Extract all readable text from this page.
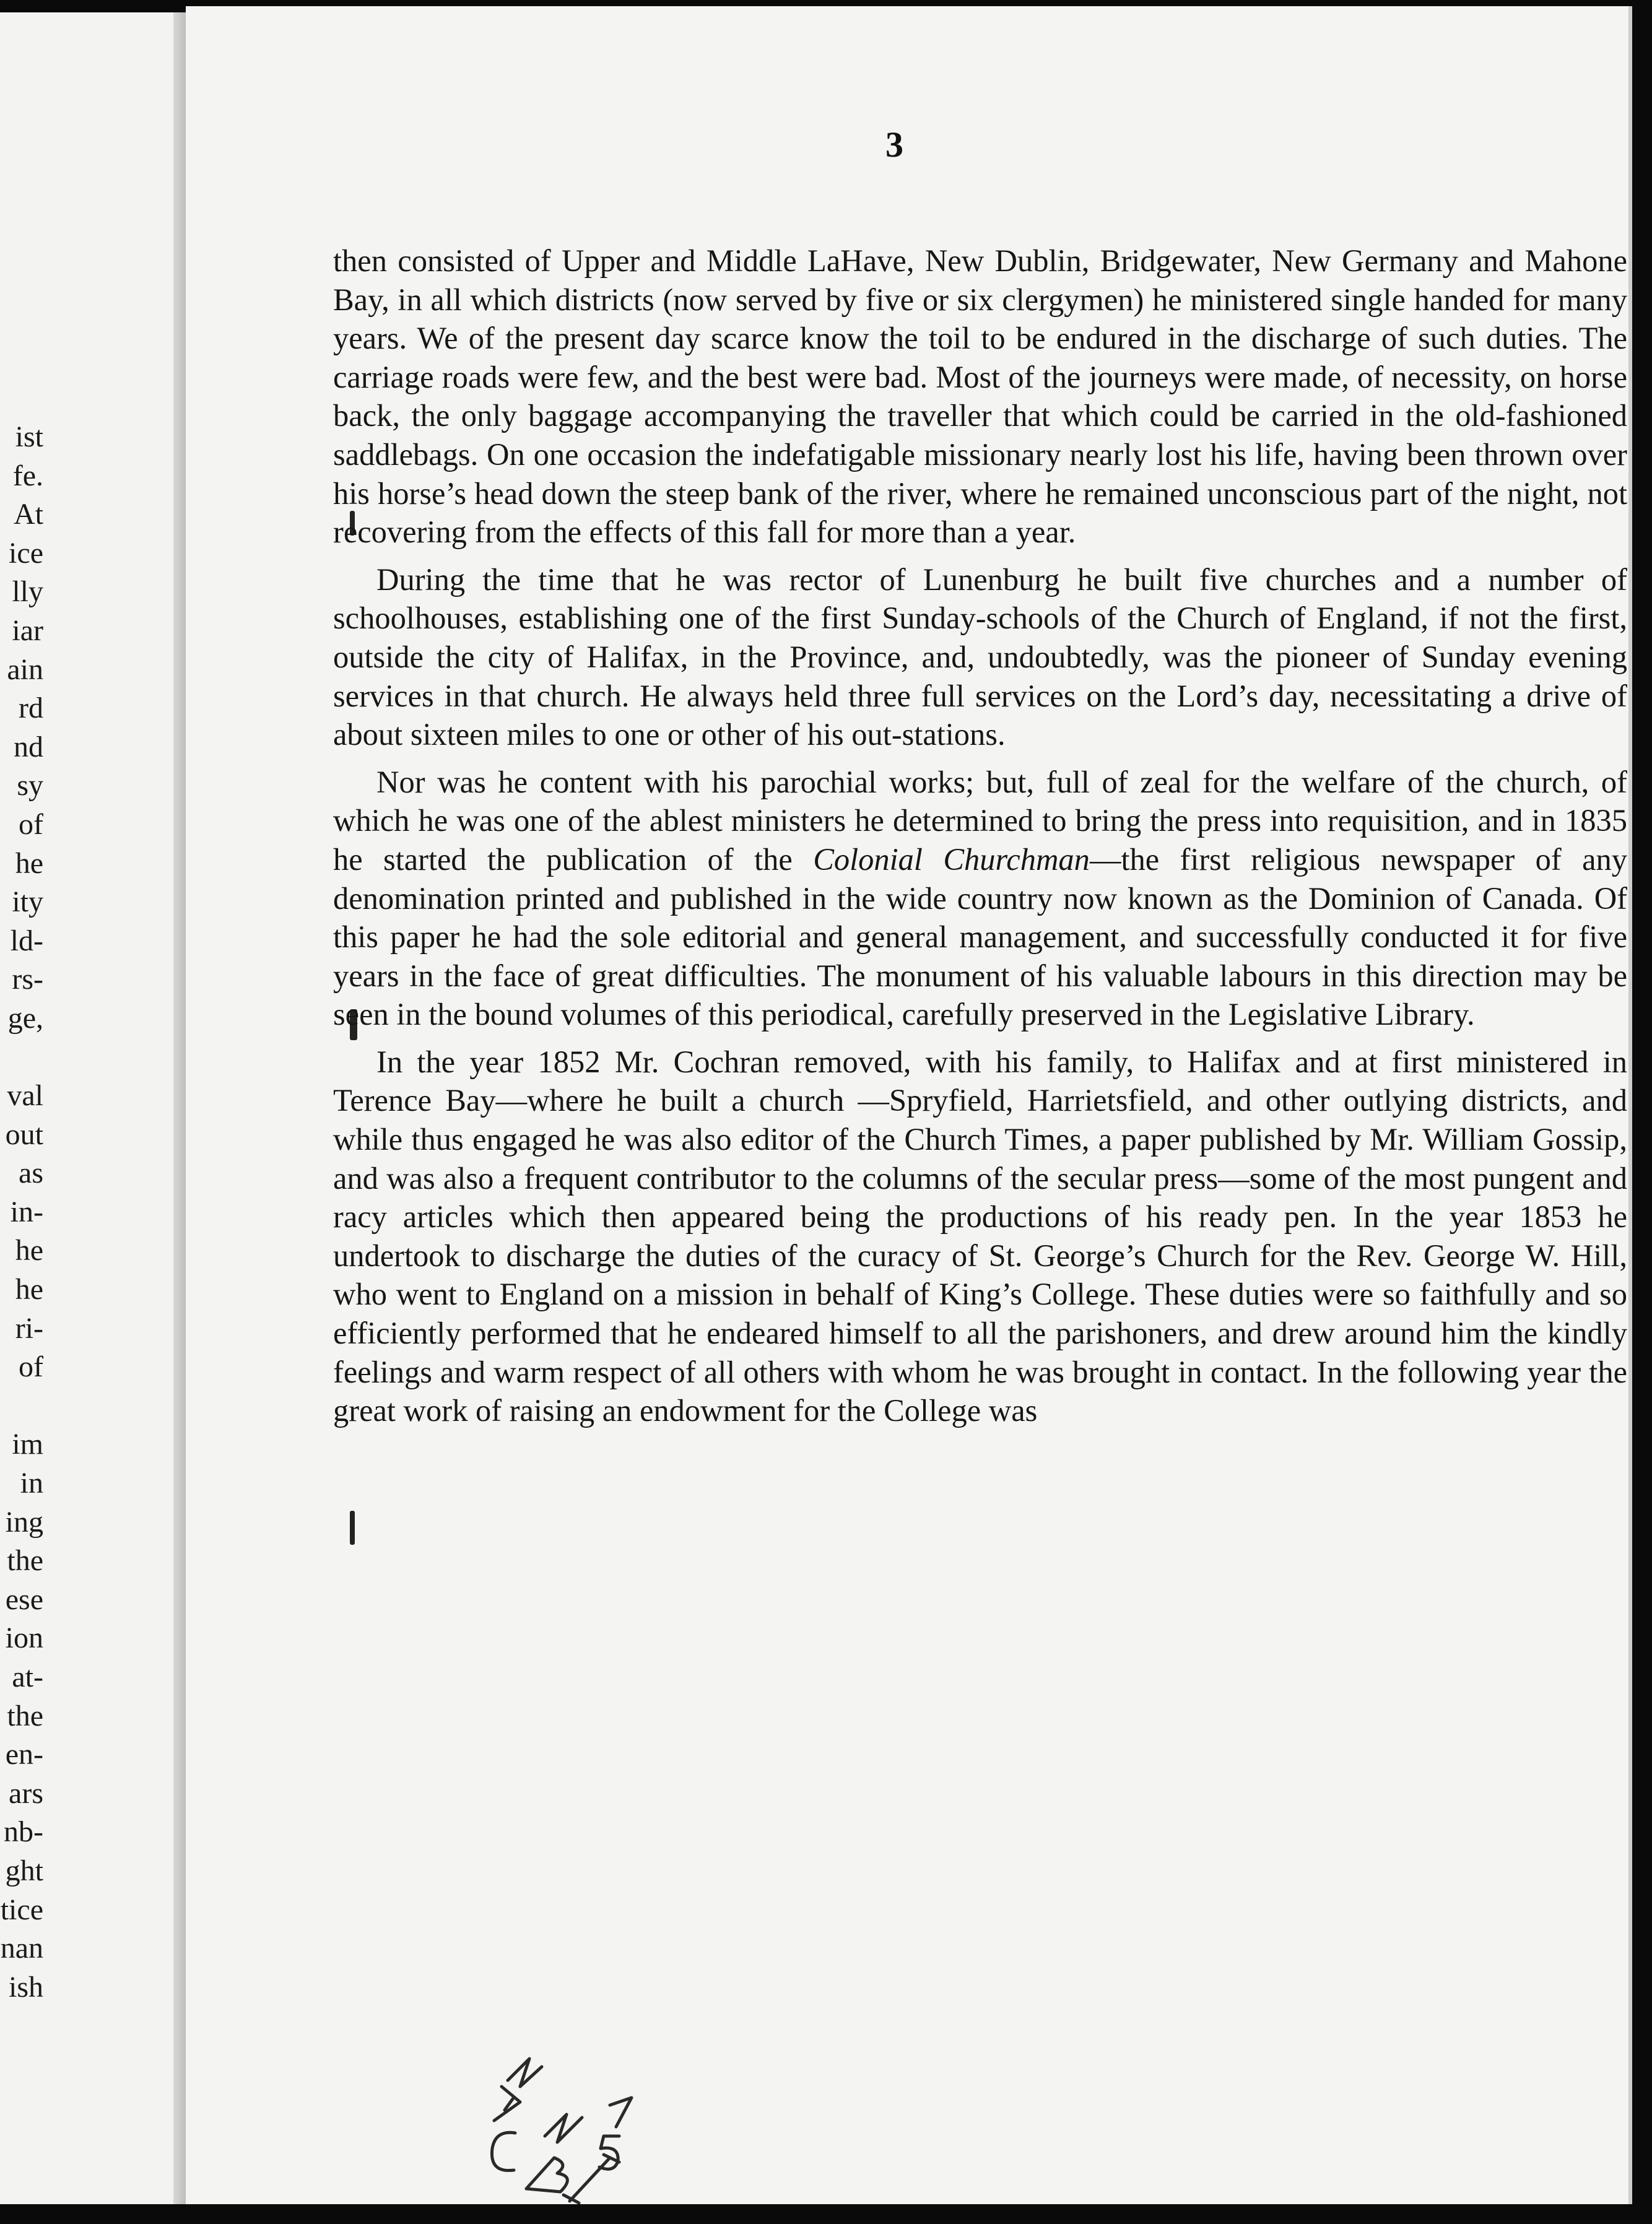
ist
fe.
At
ice
lly
iar
ain
rd
nd
sy
of
he
ity
ld-
rs-
ge,
val
out
as
in-
he
he
ri-
of
im
in
ing
the
ese
ion
at-
the
en-
ars
nb-
ght
tice
nan
ish
3

then consisted of Upper and Middle LaHave, New Dublin, Bridgewater, New Germany and Mahone Bay, in all which districts (now served by five or six clergymen) he ministered single handed for many years. We of the present day scarce know the toil to be endured in the discharge of such duties. The carriage roads were few, and the best were bad. Most of the journeys were made, of necessity, on horse back, the only baggage accompanying the traveller that which could be carried in the old-fashioned saddlebags. On one occasion the indefatigable missionary nearly lost his life, having been thrown over his horse’s head down the steep bank of the river, where he remained unconscious part of the night, not recovering from the effects of this fall for more than a year.

During the time that he was rector of Lunenburg he built five churches and a number of schoolhouses, establishing one of the first Sunday-schools of the Church of England, if not the first, outside the city of Halifax, in the Province, and, undoubtedly, was the pioneer of Sunday evening services in that church. He always held three full services on the Lord’s day, necessitating a drive of about sixteen miles to one or other of his out-stations.

Nor was he content with his parochial works; but, full of zeal for the welfare of the church, of which he was one of the ablest ministers he determined to bring the press into requisition, and in 1835 he started the publication of the Colonial Churchman—the first religious newspaper of any denomination printed and published in the wide country now known as the Dominion of Canada. Of this paper he had the sole editorial and general management, and successfully conducted it for five years in the face of great difficulties. The monument of his valuable labours in this direction may be seen in the bound volumes of this periodical, carefully preserved in the Legislative Library.

In the year 1852 Mr. Cochran removed, with his family, to Halifax and at first ministered in Terence Bay—where he built a church —Spryfield, Harrietsfield, and other outlying districts, and while thus engaged he was also editor of the Church Times, a paper published by Mr. William Gossip, and was also a frequent contributor to the columns of the secular press—some of the most pungent and racy articles which then appeared being the productions of his ready pen. In the year 1853 he undertook to discharge the duties of the curacy of St. George’s Church for the Rev. George W. Hill, who went to England on a mission in behalf of King’s College. These duties were so faithfully and so efficiently performed that he endeared himself to all the parishoners, and drew around him the kindly feelings and warm respect of all others with whom he was brought in contact. In the following year the great work of raising an endowment for the College was
